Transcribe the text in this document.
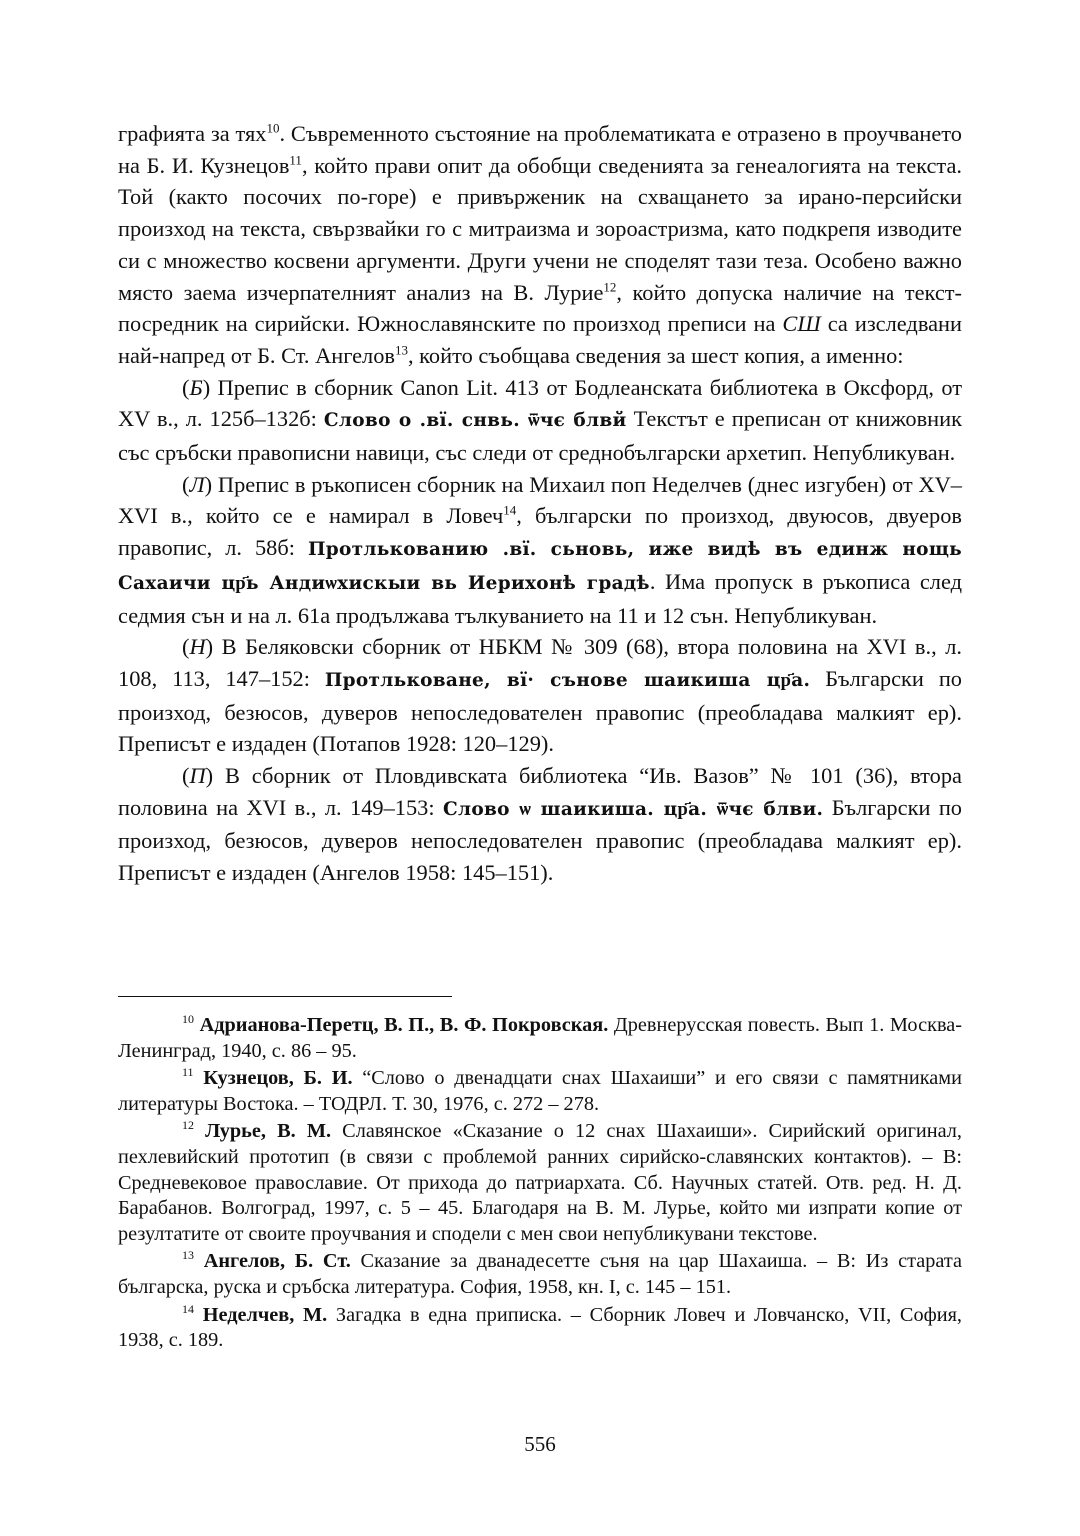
графията за тях$^{10}$. Съвременното състояние на проблематиката е отразено в проучването на Б. И. Кузнецов$^{11}$, който прави опит да обобщи сведенията за генеалогията на текста. Той (както посочих по-горе) е привърженик на схващането за ирано-персийски произход на текста, свързвайки го с митраизма и зороастризма, като подкрепя изводите си с множество косвени аргументи. Други учени не споделят тази теза. Особено важно място заема изчерпателният анализ на В. Лурие$^{12}$, който допуска наличие на текст-посредник на сирийски. Южнославянските по произход преписи на СШ са изследвани най-напред от Б. Ст. Ангелов$^{13}$, който съобщава сведения за шест копия, а именно:

(Б) Препис в сборник Canon Lit. 413 от Бодлеанската библиотека в Оксфорд, от XV в., л. 125б–132б: Слово о .вї. снвь. ѿчє блвй Текстът е преписан от книжовник със сръбски правописни навици, със следи от среднобългарски архетип. Непубликуван.

(Л) Препис в ръкописен сборник на Михаил поп Неделчев (днес изгубен) от XV–XVI в., който се е намирал в Ловеч$^{14}$, български по произход, двуюсов, двуеров правопис, л. 58б: Протлькованию .вї. сьновь, иже видѣ въ единж нощь Сахаичи цр҃ь Андиѡхискыи вь Иерихонѣ градѣ. Има пропуск в ръкописа след седмия сън и на л. 61а продължава тълкуванието на 11 и 12 сън. Непубликуван.

(Н) В Беляковски сборник от НБКМ № 309 (68), втора половина на XVI в., л. 108, 113, 147–152: Протльковане, вї· сънове шаикиша цр҃а. Български по произход, безюсов, дуверов непоследователен правопис (преобладава малкият ер). Преписът е издаден (Потапов 1928: 120–129).

(П) В сборник от Пловдивската библиотека “Ив. Вазов” № 101 (36), втора половина на XVI в., л. 149–153: Слово ѡ шаикиша. цр҃а. ѿчє блви. Български по произход, безюсов, дуверов непоследователен правопис (преобладава малкият ер). Преписът е издаден (Ангелов 1958: 145–151).

$^{10}$ Адрианова-Перетц, В. П., В. Ф. Покровская. Древнерусская повесть. Вып 1. Москва-Ленинград, 1940, с. 86 – 95.

$^{11}$ Кузнецов, Б. И. “Слово о двенадцати снах Шахаиши” и его связи с памятниками литературы Востока. – ТОДРЛ. Т. 30, 1976, с. 272 – 278.

$^{12}$ Лурье, В. М. Славянское «Сказание о 12 снах Шахаиши». Сирийский оригинал, пехлевийский прототип (в связи с проблемой ранних сирийско-славянских контактов). – В: Средневековое православие. От прихода до патриархата. Сб. Научных статей. Отв. ред. Н. Д. Барабанов. Волгоград, 1997, с. 5 – 45. Благодаря на В. М. Лурье, който ми изпрати копие от резултатите от своите проучвания и сподели с мен свои непубликувани текстове.

$^{13}$ Ангелов, Б. Ст. Сказание за дванадесетте съня на цар Шахаиша. – В: Из старата българска, руска и сръбска литература. София, 1958, кн. I, с. 145 – 151.

$^{14}$ Неделчев, М. Загадка в една приписка. – Сборник Ловеч и Ловчанско, VII, София, 1938, с. 189.

556
